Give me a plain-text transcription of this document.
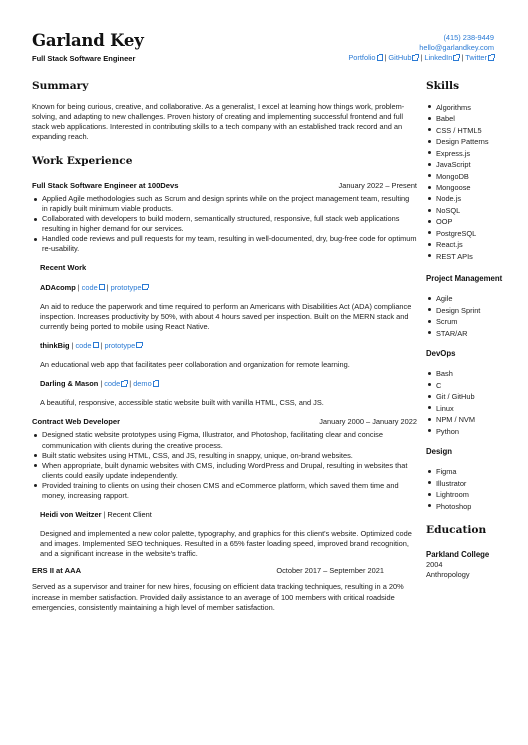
Garland Key
Full Stack Software Engineer
(415) 238-9449
hello@garlandkey.com
Portfolio | GitHub | LinkedIn | Twitter
Summary

Known for being curious, creative, and collaborative. As a generalist, I excel at learning how things work, problem-solving, and adapting to new challenges. Proven history of creating and implementing successful frontend and full stack web applications. Interested in contributing skills to a tech company with an established track record and an expanding reach.

Work Experience
Full Stack Software Engineer at 100Devs	January 2022 – Present
Applied Agile methodologies such as Scrum and design sprints while on the project management team, resulting in rapidly built minimum viable products.
Collaborated with developers to build modern, semantically structured, responsive, full stack web applications resulting in higher demand for our services.
Handled code reviews and pull requests for my team, resulting in well-documented, dry, bug-free code for optimum re-usability.
Recent Work
ADAcomp | code | prototype

An aid to reduce the paperwork and time required to perform an Americans with Disabilities Act (ADA) compliance inspection. Increases productivity by 50%, with about 4 hours saved per inspection. Built on the MERN stack and currently being ported to mobile using React Native.

thinkBig | code | prototype

An educational web app that facilitates peer collaboration and organization for remote learning.

Darling & Mason | code | demo

A beautiful, responsive, accessible static website built with vanilla HTML, CSS, and JS.

Contract Web Developer	January 2000 – January 2022
Designed static website prototypes using Figma, Illustrator, and Photoshop, facilitating clear and concise communication with clients during the creative process.
Built static websites using HTML, CSS, and JS, resulting in snappy, unique, on-brand websites.
When appropriate, built dynamic websites with CMS, including WordPress and Drupal, resulting in websites that clients could easily update independently.
Provided training to clients on using their chosen CMS and eCommerce platform, which saved them time and money, increasing rapport.
Heidi von Weitzer | Recent Client

Designed and implemented a new color palette, typography, and graphics for this client's website. Optimized code and images. Implemented SEO techniques. Resulted in a 65% faster loading speed, improved brand recognition, and a significant increase in the website's traffic.

ERS II at AAA	October 2017 – September 2021

Served as a supervisor and trainer for new hires, focusing on efficient data tracking techniques, resulting in a 20% increase in member satisfaction. Provided daily assistance to an average of 100 members with critical roadside emergencies, consistently maintaining a high level of member satisfaction.

Skills
Algorithms
Babel
CSS / HTML5
Design Patterns
Express.js
JavaScript
MongoDB
Mongoose
Node.js
NoSQL
OOP
PostgreSQL
React.js
REST APIs
Project Management
Agile
Design Sprint
Scrum
STAR/AR
DevOps
Bash
C
Git / GitHub
Linux
NPM / NVM
Python
Design
Figma
Illustrator
Lightroom
Photoshop
Education
Parkland College
2004
Anthropology
